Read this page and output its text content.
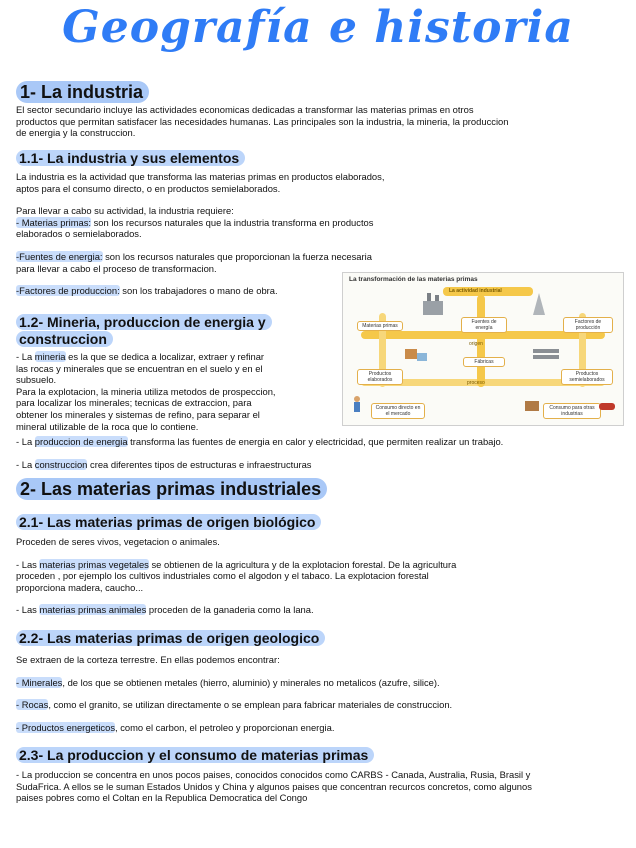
Geografía e historia
1- La industria
El sector secundario incluye las actividades economicas dedicadas a transformar las materias primas en otros
productos que permitan satisfacer las necesidades humanas. Las principales son la industria, la mineria, la produccion
de energia y la construccion.
1.1- La industria y sus elementos
La industria es la actividad que transforma las materias primas en productos elaborados,
aptos para el consumo directo, o en productos semielaborados.
Para llevar a cabo su actividad, la industria requiere:
- Materias primas: son los recursos naturales que la industria transforma en productos
elaborados o semielaborados.
-Fuentes de energia: son los recursos naturales que proporcionan la fuerza necesaria
para llevar a cabo el proceso de transformacion.
-Factores de produccion: son los trabajadores o mano de obra.
1.2- Mineria, produccion de energia y
construccion
- La mineria es la que se dedica a localizar, extraer y refinar
las rocas y minerales que se encuentran en el suelo y en el
subsuelo.
Para la explotacion, la mineria utiliza metodos de prospeccion,
para localizar los minerales; tecnicas de extraccion, para
obtener los minerales y sistemas de refino, para separar el
mineral utilizable de la roca que lo contiene.
- La produccion de energia transforma las fuentes de energia en calor y electricidad, que permiten realizar un trabajo.
- La construccion crea diferentes tipos de estructuras e infraestructuras
La transformación de las materias primas
La actividad industrial
Materias primas
Fuentes de energía
Factores de producción
origen
Fábricas
Productos elaborados
Productos semielaborados
proceso
Consumo directo en el mercado
Consumo para otras industrias
2- Las materias primas industriales
2.1- Las materias primas de origen biológico
Proceden de seres vivos, vegetacion o animales.
- Las materias primas vegetales se obtienen de la agricultura y de la explotacion forestal. De la agricultura
proceden , por ejemplo los cultivos industriales como el algodon y el tabaco. La explotacion forestal
proporciona madera, caucho...
- Las materias primas animales proceden de la ganaderia como la lana.
2.2- Las materias primas de origen geologico
Se extraen de la corteza terrestre. En ellas podemos encontrar:
- Minerales, de los que se obtienen metales (hierro, aluminio) y minerales no metalicos (azufre, silice).
- Rocas, como el granito, se utilizan directamente o se emplean para fabricar materiales de construccion.
- Productos energeticos, como el carbon, el petroleo y proporcionan energia.
2.3- La produccion y el consumo de materias primas
- La produccion se concentra en unos pocos paises, conocidos conocidos como CARBS - Canada, Australia, Rusia, Brasil y
SudaFrica. A ellos se le suman Estados Unidos y China y algunos paises que concentran recurcos concretos, como algunos
paises pobres como el Coltan en la Republica Democratica del Congo
